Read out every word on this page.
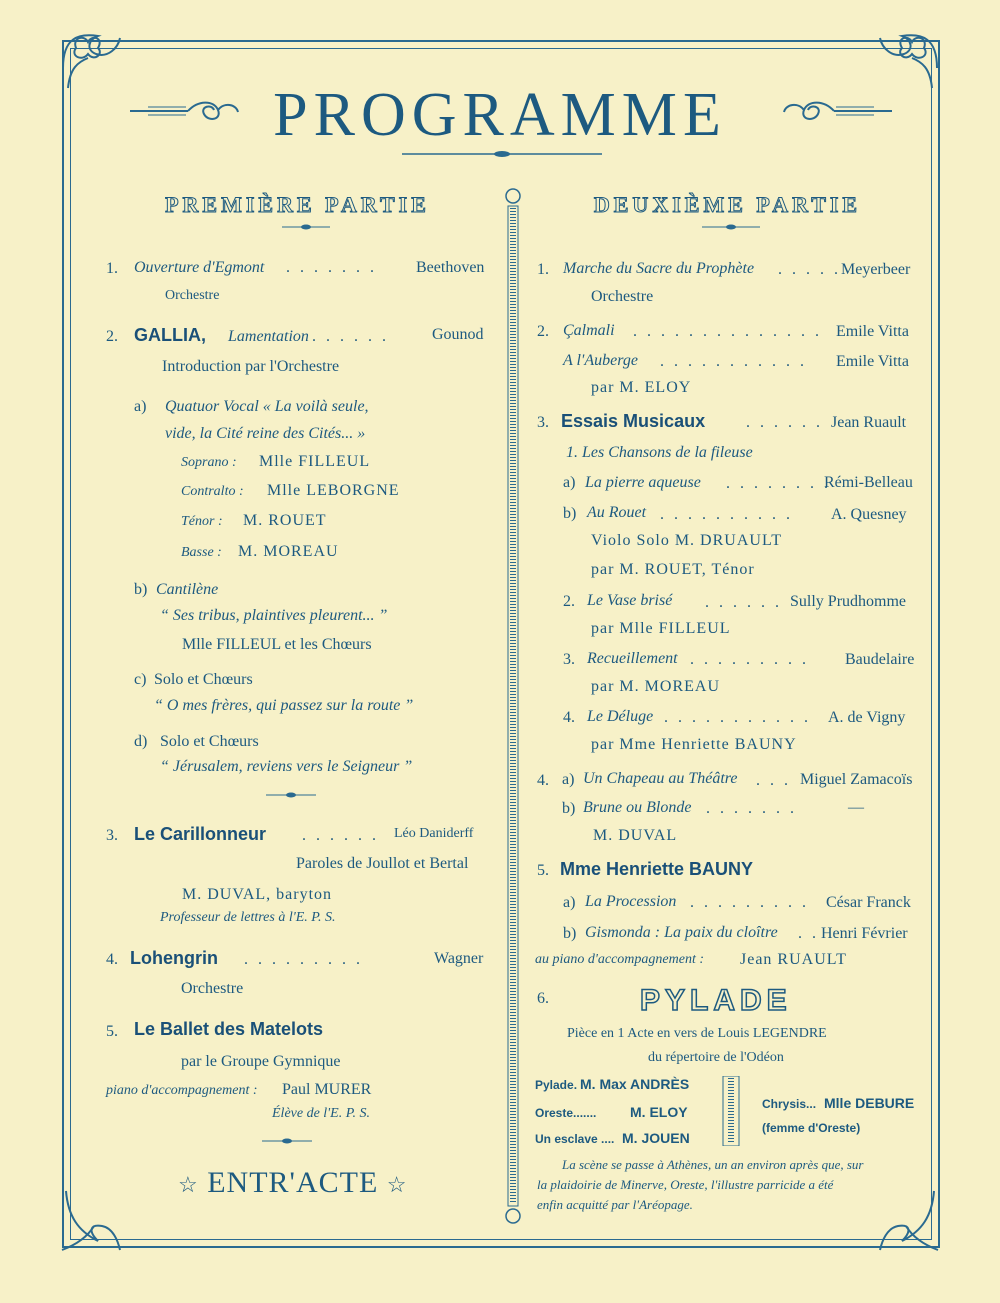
PROGRAMME
PREMIÈRE PARTIE	DEUXIÈME PARTIE
1. Ouverture d'Egmont . . . . . . . Beethoven
Orchestre
2. GALLIA, Lamentation . . . . . .	Gounod
Introduction par l'Orchestre
a) Quatuor Vocal « La voilà seule,
vide, la Cité reine des Cités... »
Soprano : Mlle FILLEUL
Contralto : Mlle LEBORGNE
Ténor : M. ROUET
Basse : M. MOREAU
b) Cantilène
“ Ses tribus, plaintives pleurent... ”
Mlle FILLEUL et les Chœurs
c) Solo et Chœurs
“ O mes frères, qui passez sur la route ”
d) Solo et Chœurs
“ Jérusalem, reviens vers le Seigneur ”
3. Le Carillonneur . . . . . . Léo Daniderff
Paroles de Joullot et Bertal
M. DUVAL, baryton
Professeur de lettres à l'E. P. S.
4. Lohengrin . . . . . . . . .	Wagner
Orchestre
5. Le Ballet des Matelots
par le Groupe Gymnique
piano d'accompagnement : Paul MURER
Élève de l'E. P. S.
☆ ENTR'ACTE ☆
1. Marche du Sacre du Prophète . . . . . Meyerbeer
Orchestre
2. Çalmali . . . . . . . . . . . . . . Emile Vitta
A l'Auberge . . . . . . . . . . . Emile Vitta
par M. ELOY
3. Essais Musicaux	. . . . . . Jean Ruault
1. Les Chansons de la fileuse
a) La pierre aqueuse . . . . . . . .
Rémi-Belleau
b) Au Rouet . . . . . . . . . . A. Quesney
Violo Solo M. DRUAULT
par M. ROUET, Ténor
2. Le Vase brisé . . . . . . Sully Prudhomme
par Mlle FILLEUL
3. Recueillement . . . . . . . . . Baudelaire
par M. MOREAU
4. Le Déluge . . . . . . . . . . . A. de Vigny
par Mme Henriette BAUNY
4. a) Un Chapeau au Théâtre . . . Miguel Zamacoïs
b) Brune ou Blonde . . . . . . .	—
M. DUVAL
5. Mme Henriette BAUNY
a) La Procession . . . . . . . . . César Franck
b) Gismonda : La paix du cloître . . Henri Février
au piano d'accompagnement : Jean RUAULT
6.	PYLADE
Pièce en 1 Acte en vers de Louis LEGENDRE
du répertoire de l'Odéon
Pylade. M. Max ANDRÈS
Oreste....... M. ELOY
Un esclave .... M. JOUEN
Chrysis... Mlle DEBURE
(femme d'Oreste)
La scène se passe à Athènes, un an environ après que, sur
la plaidoirie de Minerve, Oreste, l'illustre parricide a été
enfin acquitté par l'Aréopage.
